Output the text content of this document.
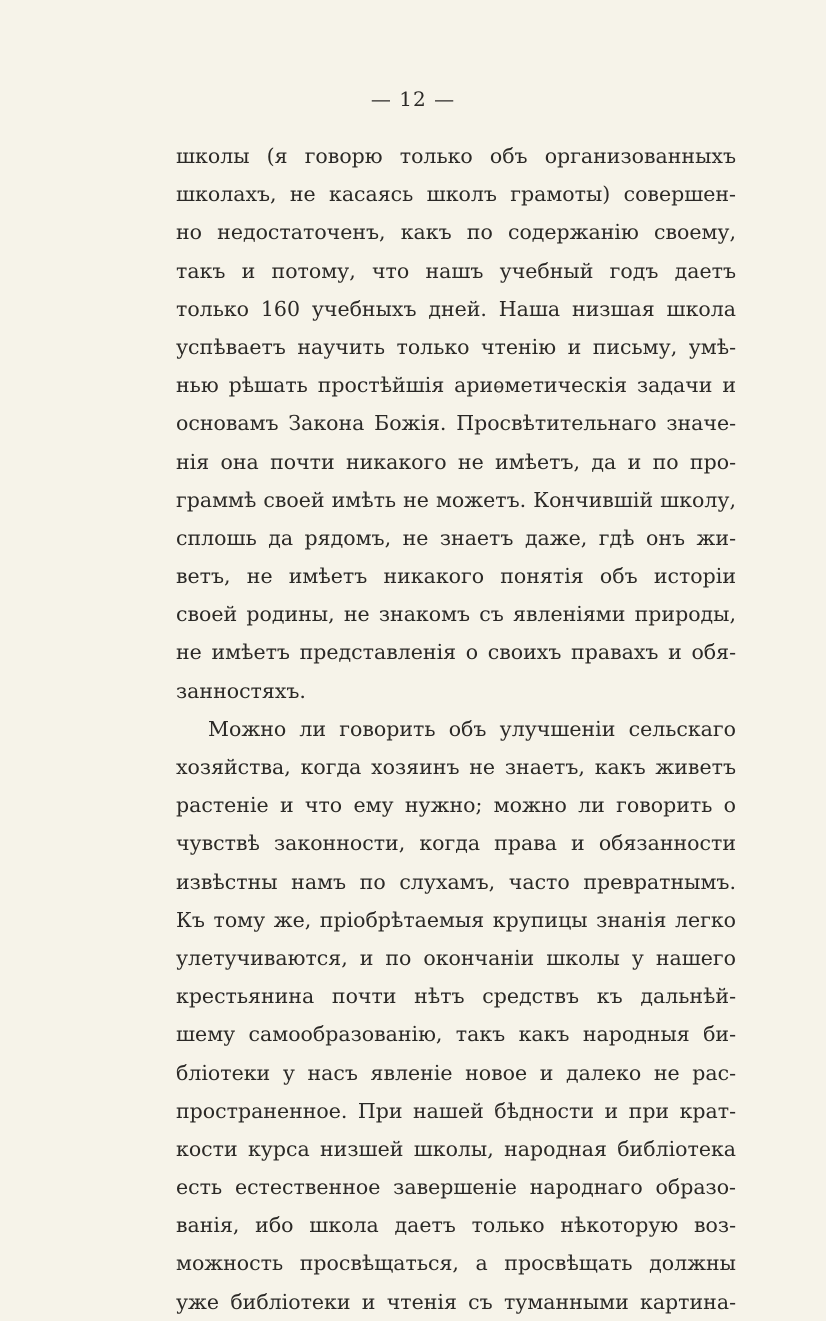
— 12 —
школы (я говорю только объ организованныхъ
школахъ, не касаясь школъ грамоты) совершен-
но недостаточенъ, какъ по содержанію своему,
такъ и потому, что нашъ учебный годъ даетъ
только 160 учебныхъ дней. Наша низшая школа
успѣваетъ научить только чтенію и письму, умѣ-
нью рѣшать простѣйшія ариѳметическія задачи и
основамъ Закона Божія. Просвѣтительнаго значе-
нія она почти никакого не имѣетъ, да и по про-
граммѣ своей имѣть не можетъ. Кончившій школу,
сплошь да рядомъ, не знаетъ даже, гдѣ онъ жи-
ветъ, не имѣетъ никакого понятія объ исторіи
своей родины, не знакомъ съ явленіями природы,
не имѣетъ представленія о своихъ правахъ и обя-
занностяхъ.
Можно ли говорить объ улучшеніи сельскаго
хозяйства, когда хозяинъ не знаетъ, какъ живетъ
растеніе и что ему нужно; можно ли говорить о
чувствѣ законности, когда права и обязанности
извѣстны намъ по слухамъ, часто превратнымъ.
Къ тому же, пріобрѣтаемыя крупицы знанія легко
улетучиваются, и по окончаніи школы у нашего
крестьянина почти нѣтъ средствъ къ дальнѣй-
шему самообразованію, такъ какъ народныя би-
бліотеки у насъ явленіе новое и далеко не рас-
пространенное. При нашей бѣдности и при крат-
кости курса низшей школы, народная библіотека
есть естественное завершеніе народнаго образо-
ванія, ибо школа даетъ только нѣкоторую воз-
можность просвѣщаться, а просвѣщать должны
уже библіотеки и чтенія съ туманными картина-
